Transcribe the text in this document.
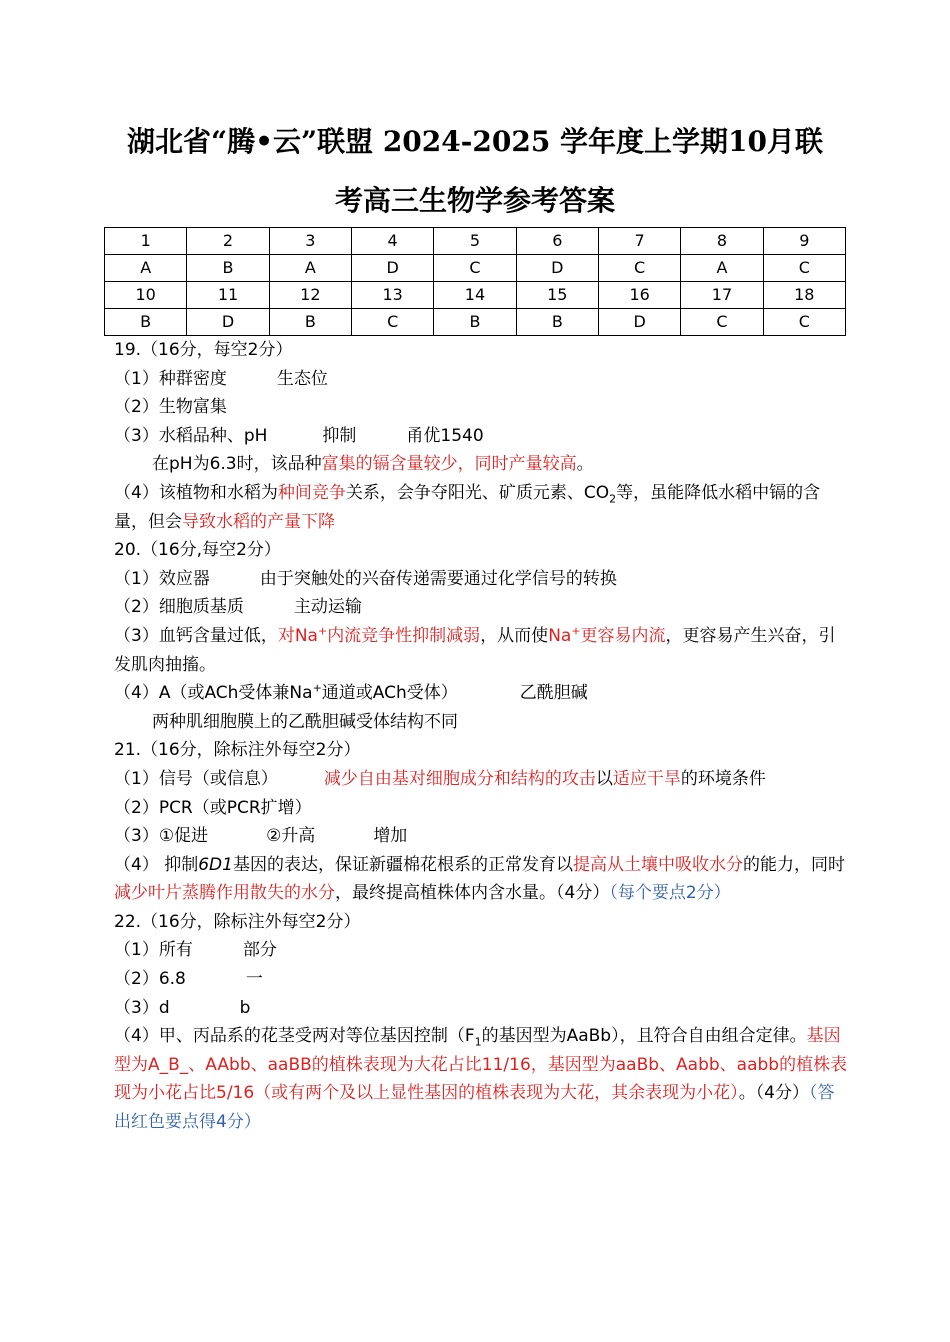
湖北省“腾•云”联盟 2024-2025 学年度上学期10月联
考高三生物学参考答案
1	2	3	4	5	6	7	8	9
A	B	A	D	C	D	C	A	C
10	11	12	13	14	15	16	17	18
B	D	B	C	B	B	D	C	C
19.（16分，每空2分）
（1）种群密度	生态位
（2）生物富集
（3）水稻品种、pH	抑制	甬优1540
在pH为6.3时，该品种富集的镉含量较少，同时产量较高。
（4）该植物和水稻为种间竞争关系，会争夺阳光、矿质元素、$CO_2$等，虽能降低水稻中镉的含量，但会导致水稻的产量下降
20.（16分,每空2分）
（1）效应器	由于突触处的兴奋传递需要通过化学信号的转换
（2）细胞质基质	主动运输
（3）血钙含量过低，对Na+内流竞争性抑制减弱，从而使Na+更容易内流，更容易产生兴奋，引发肌肉抽搐。
（4）A（或ACh受体兼Na+通道或ACh受体）	乙酰胆碱
两种肌细胞膜上的乙酰胆碱受体结构不同
21.（16分，除标注外每空2分）
（1）信号（或信息）	减少自由基对细胞成分和结构的攻击以适应干旱的环境条件
（2）PCR（或PCR扩增）
（3）①促进	②升高	增加
（4） 抑制6D1基因的表达，保证新疆棉花根系的正常发育以提高从土壤中吸收水分的能力，同时减少叶片蒸腾作用散失的水分，最终提高植株体内含水量。（4分）（每个要点2分）
22.（16分，除标注外每空2分）
（1）所有	部分
（2）6.8	一
（3）d	b
（4）甲、丙品系的花茎受两对等位基因控制（$F_1$的基因型为AaBb），且符合自由组合定律。基因型为A_B_、AAbb、aaBB的植株表现为大花占比11/16，基因型为aaBb、Aabb、aabb的植株表现为小花占比5/16（或有两个及以上显性基因的植株表现为大花，其余表现为小花）。（4分）（答出红色要点得4分）
